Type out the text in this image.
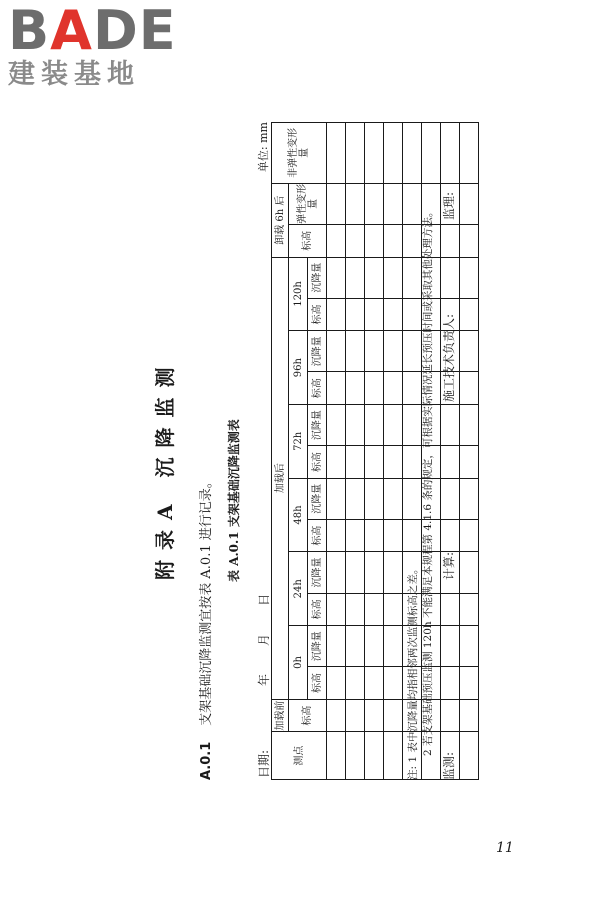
BADE
建装基地
附录A 沉降监测
A.0.1支架基础沉降监测宜按表 A.0.1 进行记录。 表 A.0.1 支架基础沉降监测表
日期:年月日
单位: mm
测点	加载前	加载后												卸载 6h 后		非弹性变形量
	标高	0h		24h		48h		72h		96h		120h		标高	弹性变形量	
		标高	沉降量	标高	沉降量	标高	沉降量	标高	沉降量	标高	沉降量	标高	沉降量			

注: 1 表中沉降量均指相邻两次监测标高之差。 2 若支架基础预压监测 120h 不能满足本规程第 4.1.6 条的规定，可根据实际情况延长预压时间或采取其他处理方法。
监测:
计算:
施工技术负责人:
监理:
11
